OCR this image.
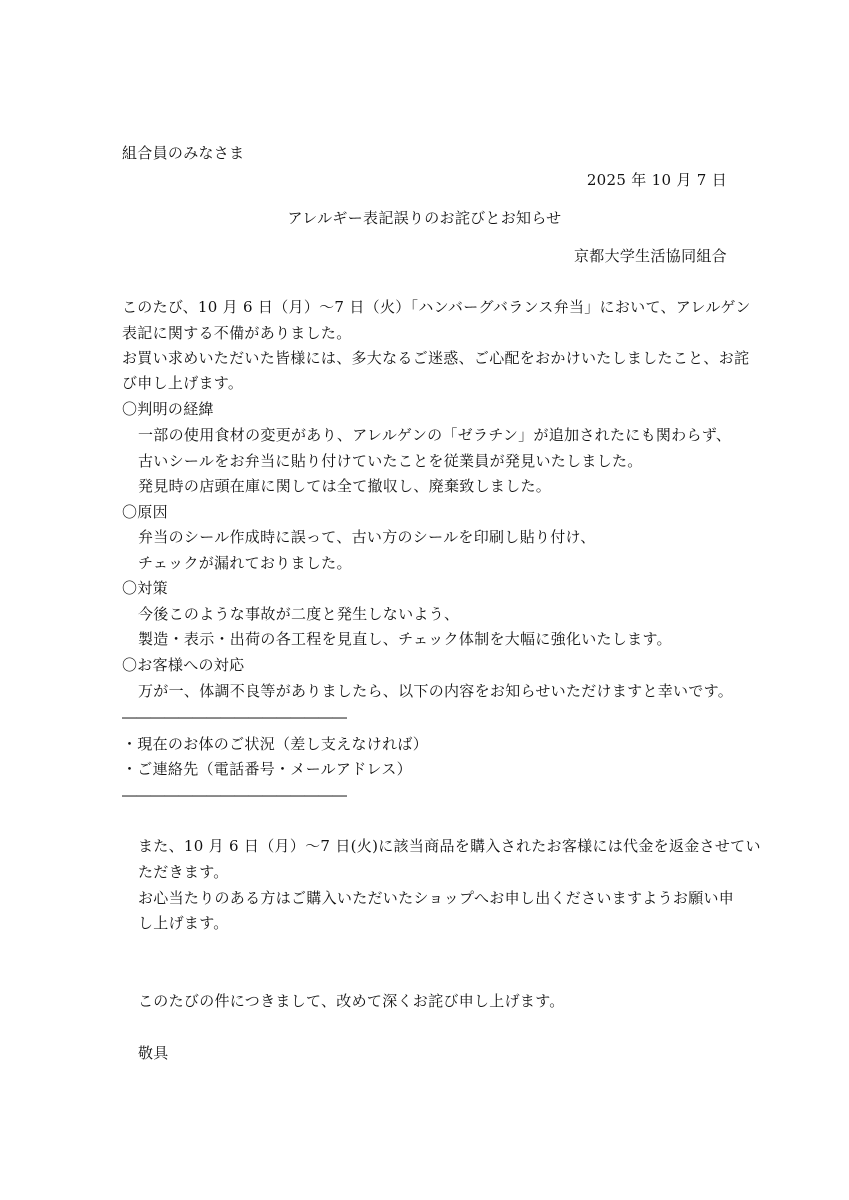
組合員のみなさま
2025 年 10 月 7 日
アレルギー表記誤りのお詫びとお知らせ
京都大学生活協同組合
このたび、10 月 6 日（月）～7 日（火）「ハンバーグバランス弁当」において、アレルゲン
表記に関する不備がありました。
お買い求めいただいた皆様には、多大なるご迷惑、ご心配をおかけいたしましたこと、お詫
び申し上げます。
〇判明の経緯
一部の使用食材の変更があり、アレルゲンの「ゼラチン」が追加されたにも関わらず、
古いシールをお弁当に貼り付けていたことを従業員が発見いたしました。
発見時の店頭在庫に関しては全て撤収し、廃棄致しました。
〇原因
弁当のシール作成時に誤って、古い方のシールを印刷し貼り付け、
チェックが漏れておりました。
〇対策
今後このような事故が二度と発生しないよう、
製造・表示・出荷の各工程を見直し、チェック体制を大幅に強化いたします。
〇お客様への対応
万が一、体調不良等がありましたら、以下の内容をお知らせいただけますと幸いです。
――――――――――――――――
・現在のお体のご状況（差し支えなければ）
・ご連絡先（電話番号・メールアドレス）
――――――――――――――――
また、10 月 6 日（月）～7 日(火)に該当商品を購入されたお客様には代金を返金させてい
ただきます。
お心当たりのある方はご購入いただいたショップへお申し出くださいますようお願い申
し上げます。
このたびの件につきまして、改めて深くお詫び申し上げます。
敬具
